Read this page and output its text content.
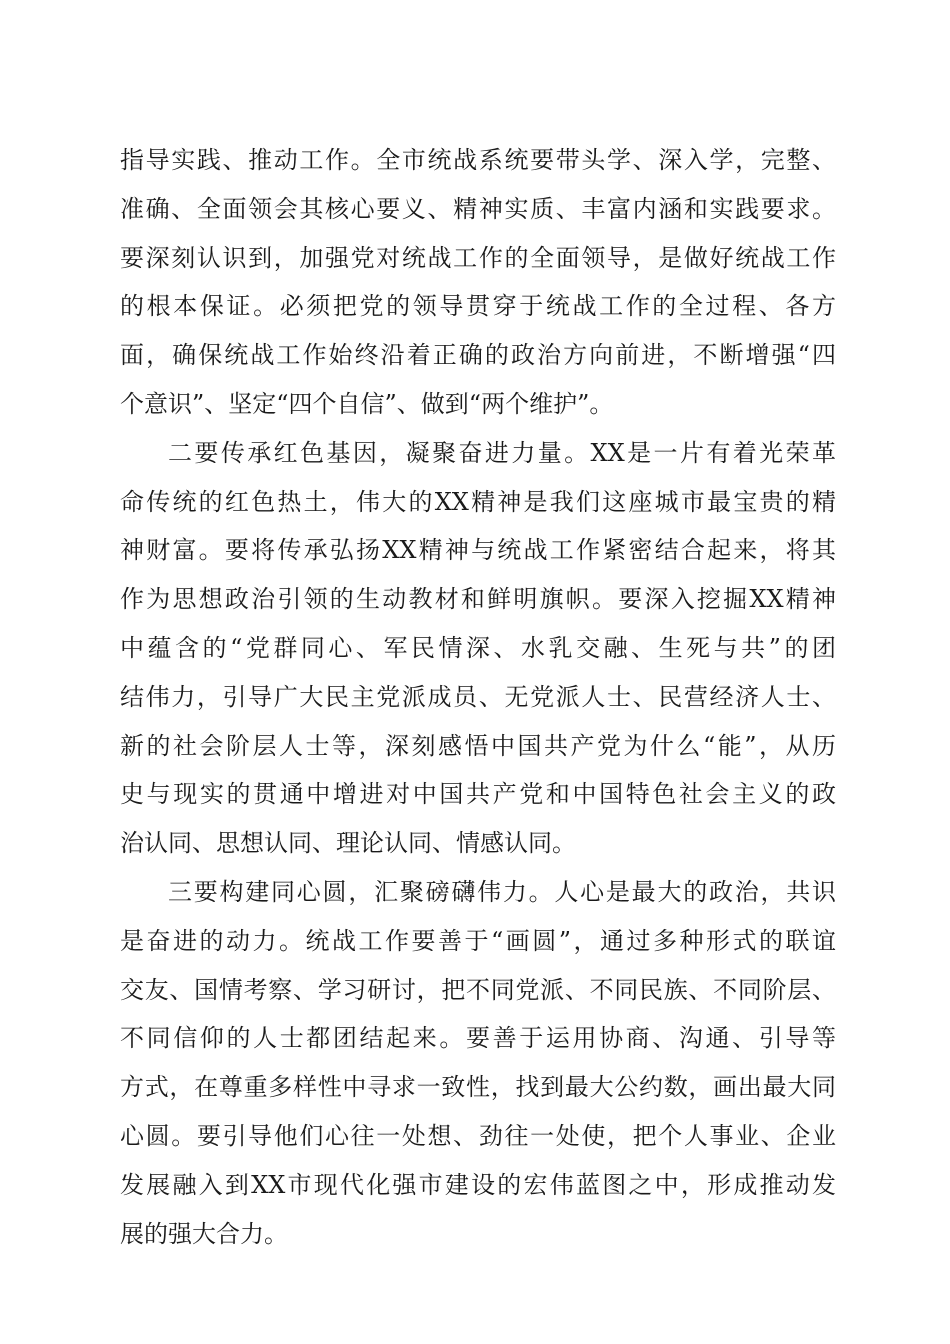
指导实践、推动工作。全市统战系统要带头学、深入学，完整、
准确、全面领会其核心要义、精神实质、丰富内涵和实践要求。
要深刻认识到，加强党对统战工作的全面领导，是做好统战工作
的根本保证。必须把党的领导贯穿于统战工作的全过程、各方
面，确保统战工作始终沿着正确的政治方向前进，不断增强“四
个意识”、坚定“四个自信”、做到“两个维护”。
二要传承红色基因，凝聚奋进力量。XX是一片有着光荣革
命传统的红色热土，伟大的XX精神是我们这座城市最宝贵的精
神财富。要将传承弘扬XX精神与统战工作紧密结合起来，将其
作为思想政治引领的生动教材和鲜明旗帜。要深入挖掘XX精神
中蕴含的“党群同心、军民情深、水乳交融、生死与共”的团
结伟力，引导广大民主党派成员、无党派人士、民营经济人士、
新的社会阶层人士等，深刻感悟中国共产党为什么“能”，从历
史与现实的贯通中增进对中国共产党和中国特色社会主义的政
治认同、思想认同、理论认同、情感认同。
三要构建同心圆，汇聚磅礴伟力。人心是最大的政治，共识
是奋进的动力。统战工作要善于“画圆”，通过多种形式的联谊
交友、国情考察、学习研讨，把不同党派、不同民族、不同阶层、
不同信仰的人士都团结起来。要善于运用协商、沟通、引导等
方式，在尊重多样性中寻求一致性，找到最大公约数，画出最大同
心圆。要引导他们心往一处想、劲往一处使，把个人事业、企业
发展融入到XX市现代化强市建设的宏伟蓝图之中，形成推动发
展的强大合力。
